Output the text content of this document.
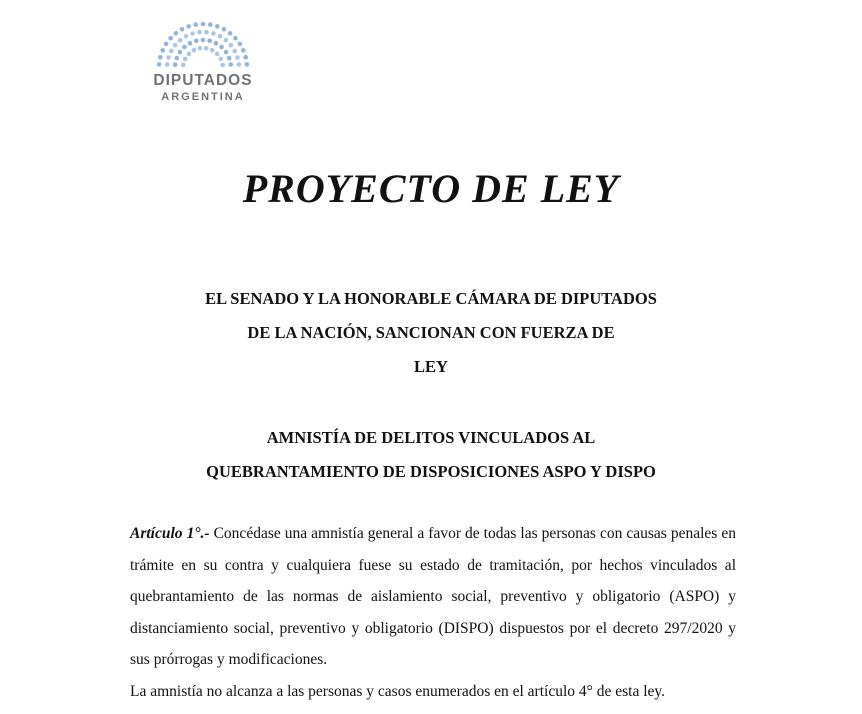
DIPUTADOS
ARGENTINA
PROYECTO DE LEY
EL SENADO Y LA HONORABLE CÁMARA DE DIPUTADOS
DE LA NACIÓN, SANCIONAN CON FUERZA DE
LEY
AMNISTÍA DE DELITOS VINCULADOS AL
QUEBRANTAMIENTO DE DISPOSICIONES ASPO Y DISPO

Artículo 1°.- Concédase una amnistía general a favor de todas las personas con causas penales en trámite en su contra y cualquiera fuese su estado de tramitación, por hechos vinculados al quebrantamiento de las normas de aislamiento social, preventivo y obligatorio (ASPO) y distanciamiento social, preventivo y obligatorio (DISPO) dispuestos por el decreto 297/2020 y sus prórrogas y modificaciones.

La amnistía no alcanza a las personas y casos enumerados en el artículo 4° de esta ley.
